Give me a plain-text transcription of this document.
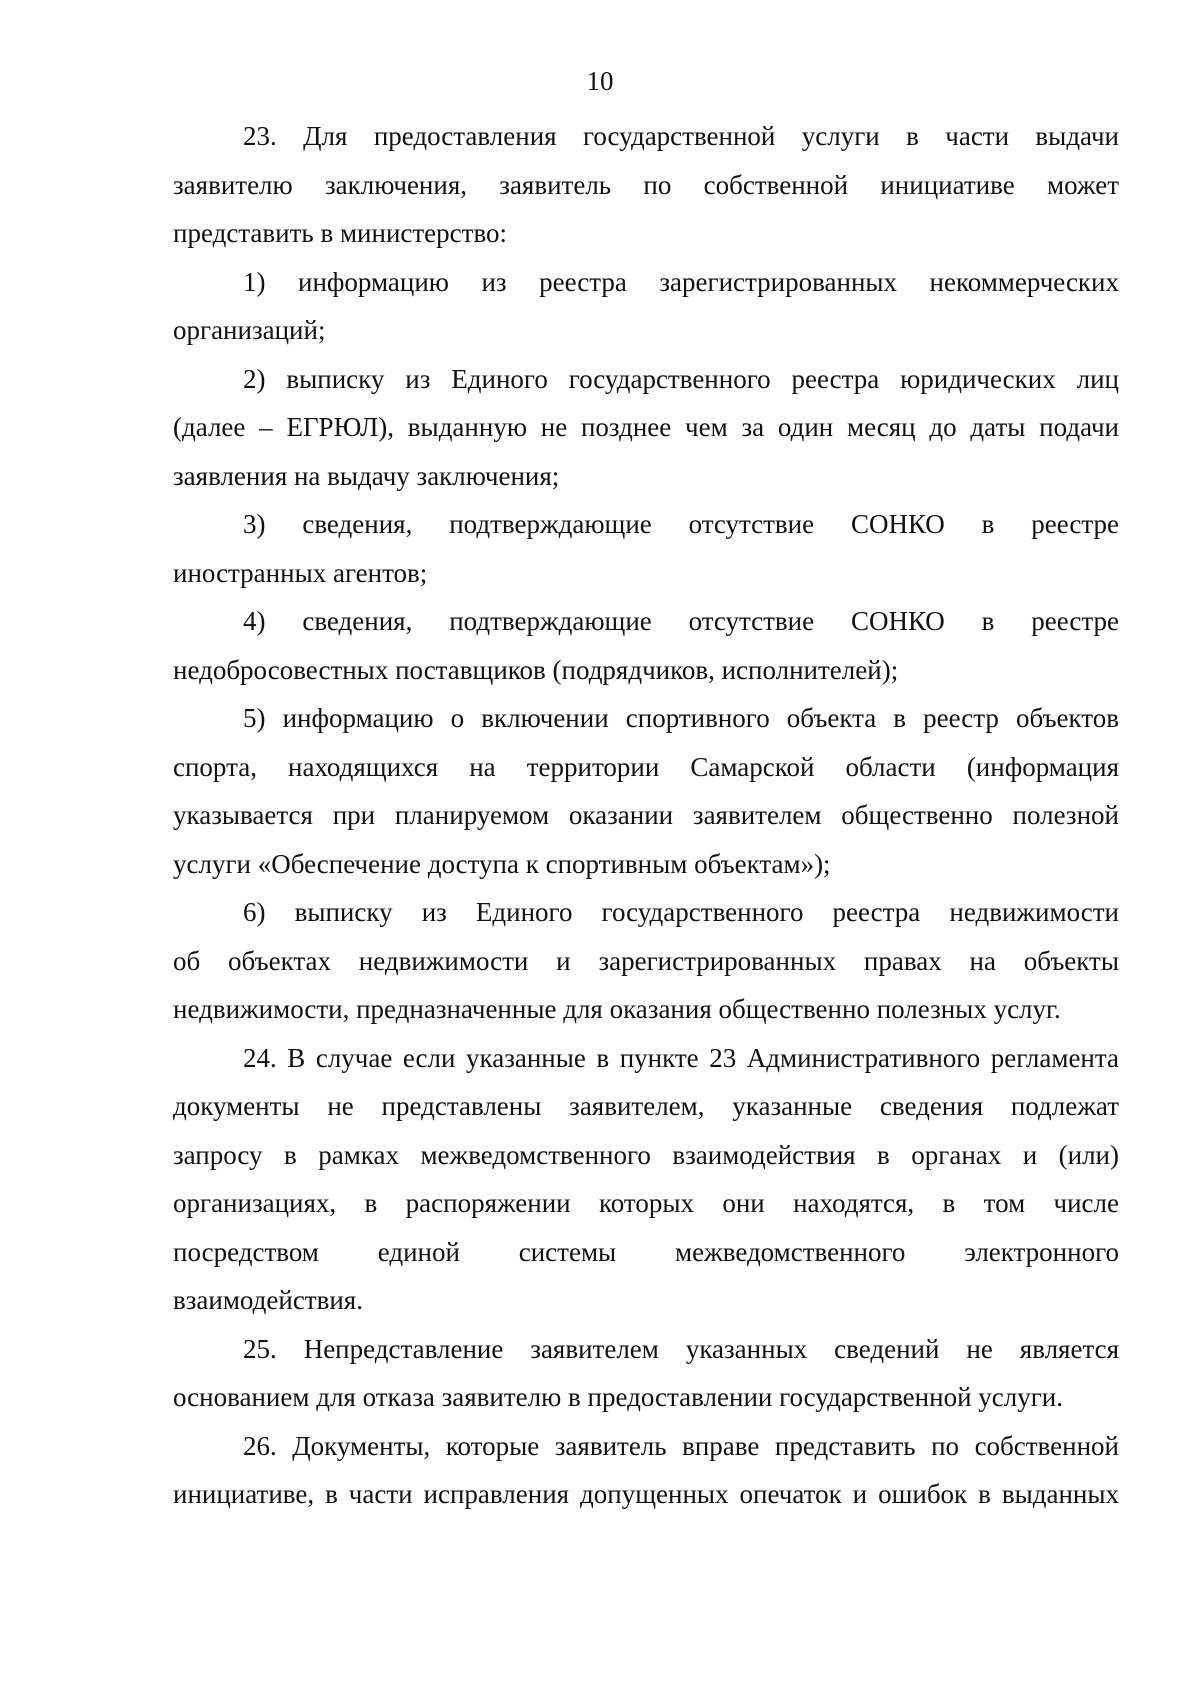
10
23. Для предоставления государственной услуги в части выдачи
заявителю заключения, заявитель по собственной инициативе может
представить в министерство:
1) информацию из реестра зарегистрированных некоммерческих
организаций;
2) выписку из Единого государственного реестра юридических лиц
(далее – ЕГРЮЛ), выданную не позднее чем за один месяц до даты подачи
заявления на выдачу заключения;
3) сведения, подтверждающие отсутствие СОНКО в реестре
иностранных агентов;
4) сведения, подтверждающие отсутствие СОНКО в реестре
недобросовестных поставщиков (подрядчиков, исполнителей);
5) информацию о включении спортивного объекта в реестр объектов
спорта, находящихся на территории Самарской области (информация
указывается при планируемом оказании заявителем общественно полезной
услуги «Обеспечение доступа к спортивным объектам»);
6) выписку из Единого государственного реестра недвижимости
об объектах недвижимости и зарегистрированных правах на объекты
недвижимости, предназначенные для оказания общественно полезных услуг.
24. В случае если указанные в пункте 23 Административного регламента
документы не представлены заявителем, указанные сведения подлежат
запросу в рамках межведомственного взаимодействия в органах и (или)
организациях, в распоряжении которых они находятся, в том числе
посредством единой системы межведомственного электронного
взаимодействия.
25. Непредставление заявителем указанных сведений не является
основанием для отказа заявителю в предоставлении государственной услуги.
26. Документы, которые заявитель вправе представить по собственной
инициативе, в части исправления допущенных опечаток и ошибок в выданных
